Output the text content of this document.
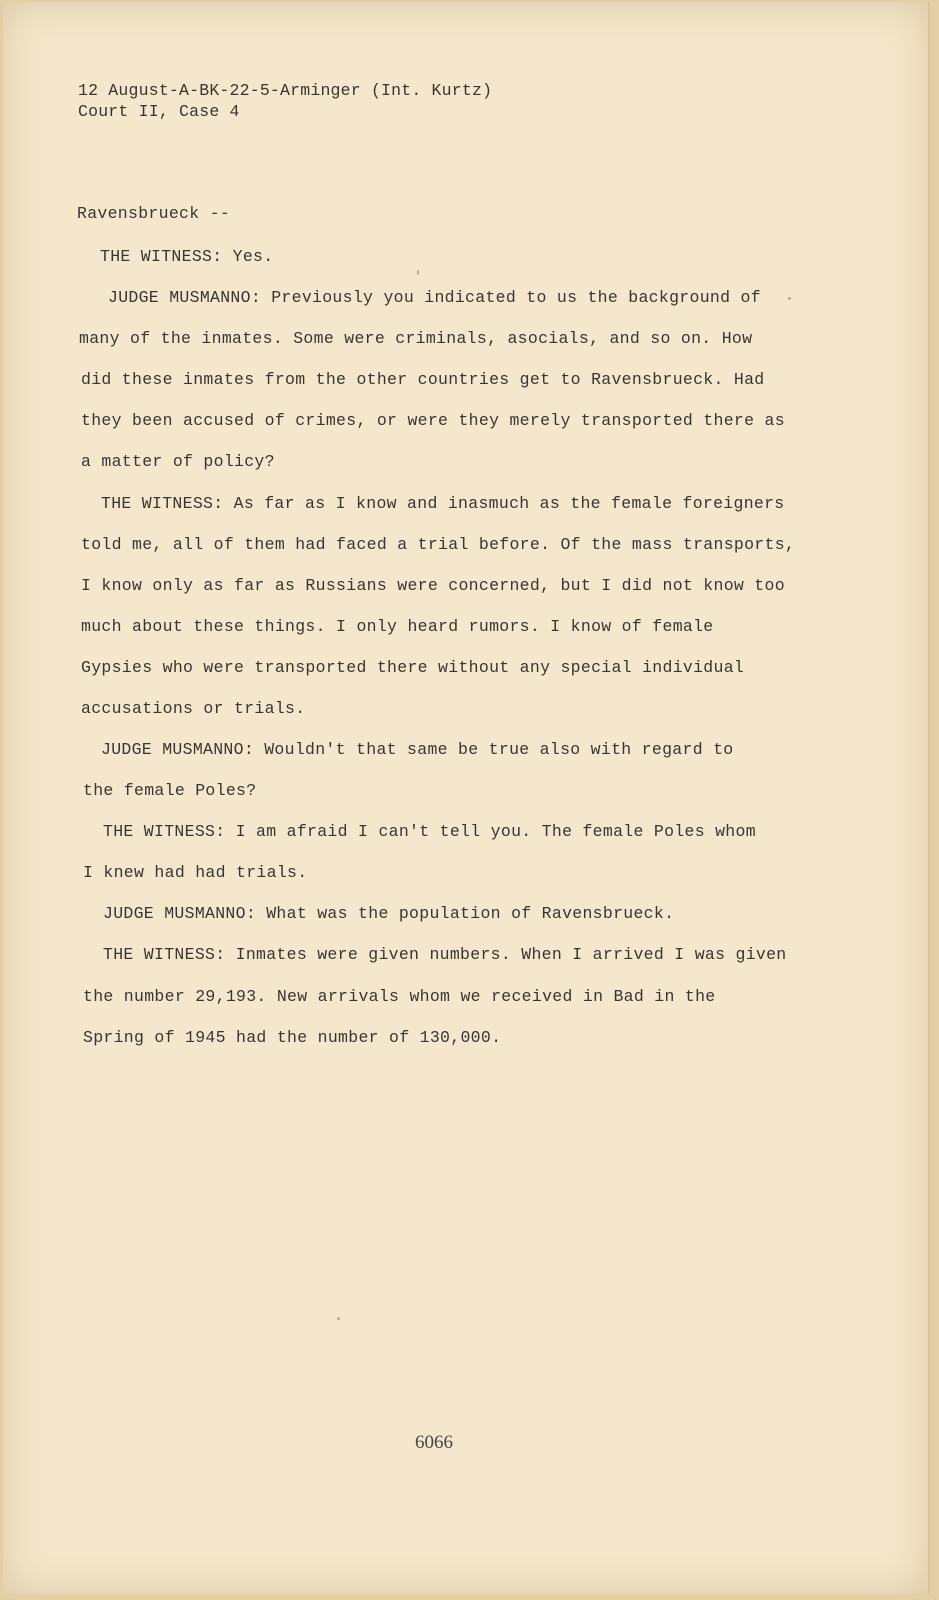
12 August-A-BK-22-5-Arminger (Int. Kurtz)
Court II, Case 4
Ravensbrueck --
THE WITNESS: Yes.
JUDGE MUSMANNO: Previously you indicated to us the background of
many of the inmates. Some were criminals, asocials, and so on. How
did these inmates from the other countries get to Ravensbrueck. Had
they been accused of crimes, or were they merely transported there as
a matter of policy?
THE WITNESS: As far as I know and inasmuch as the female foreigners
told me, all of them had faced a trial before. Of the mass transports,
I know only as far as Russians were concerned, but I did not know too
much about these things. I only heard rumors. I know of female
Gypsies who were transported there without any special individual
accusations or trials.
JUDGE MUSMANNO: Wouldn't that same be true also with regard to
the female Poles?
THE WITNESS: I am afraid I can't tell you. The female Poles whom
I knew had had trials.
JUDGE MUSMANNO: What was the population of Ravensbrueck.
THE WITNESS: Inmates were given numbers. When I arrived I was given
the number 29,193. New arrivals whom we received in Bad in the
Spring of 1945 had the number of 130,000.
6066
